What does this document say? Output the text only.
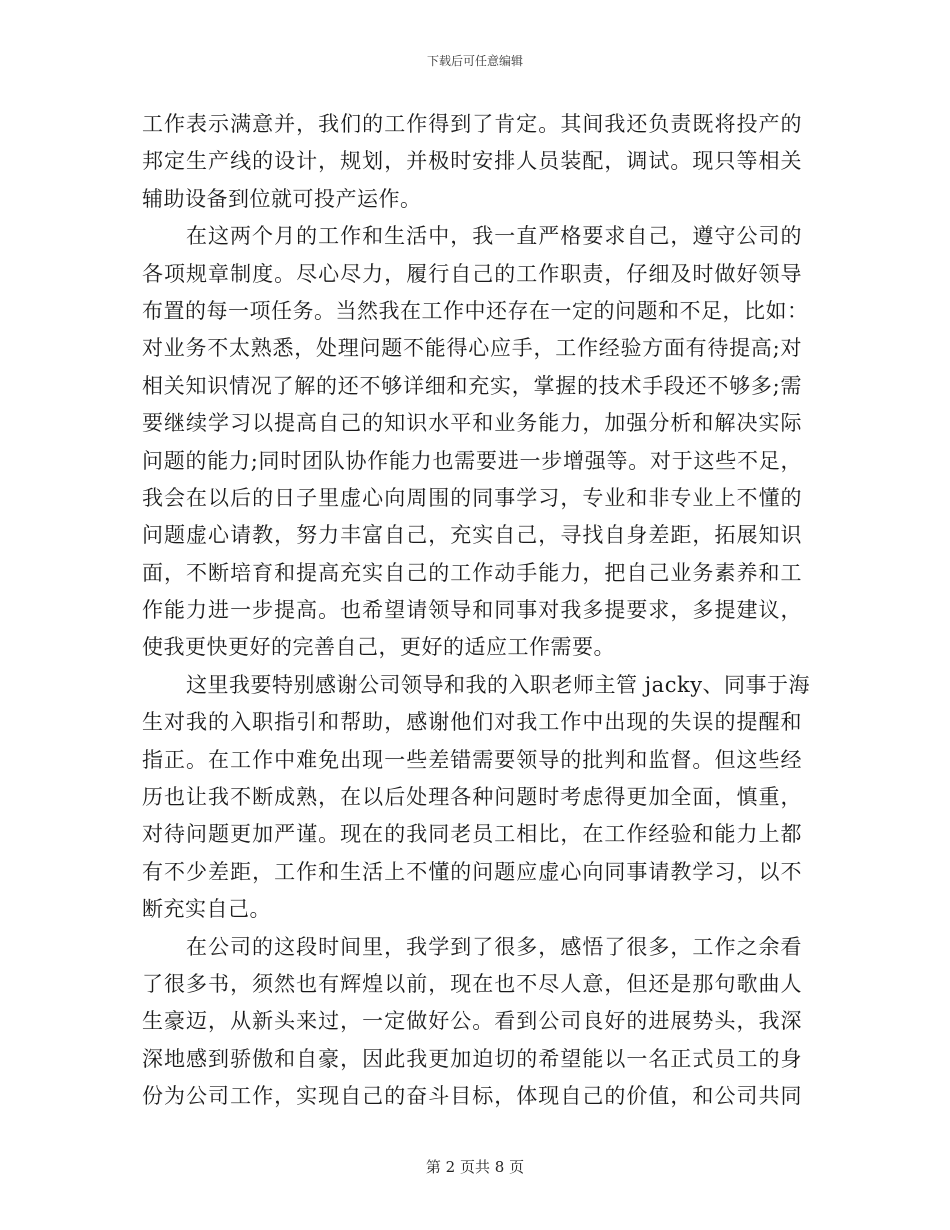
下载后可任意编辑
工作表示满意并，我们的工作得到了肯定。其间我还负责既将投产的
邦定生产线的设计，规划，并极时安排人员装配，调试。现只等相关
辅助设备到位就可投产运作。
在这两个月的工作和生活中，我一直严格要求自己，遵守公司的
各项规章制度。尽心尽力，履行自己的工作职责，仔细及时做好领导
布置的每一项任务。当然我在工作中还存在一定的问题和不足，比如：
对业务不太熟悉，处理问题不能得心应手，工作经验方面有待提高;对
相关知识情况了解的还不够详细和充实，掌握的技术手段还不够多;需
要继续学习以提高自己的知识水平和业务能力，加强分析和解决实际
问题的能力;同时团队协作能力也需要进一步增强等。对于这些不足，
我会在以后的日子里虚心向周围的同事学习，专业和非专业上不懂的
问题虚心请教，努力丰富自己，充实自己，寻找自身差距，拓展知识
面，不断培育和提高充实自己的工作动手能力，把自己业务素养和工
作能力进一步提高。也希望请领导和同事对我多提要求，多提建议，
使我更快更好的完善自己，更好的适应工作需要。
这里我要特别感谢公司领导和我的入职老师主管 jacky、同事于海
生对我的入职指引和帮助，感谢他们对我工作中出现的失误的提醒和
指正。在工作中难免出现一些差错需要领导的批判和监督。但这些经
历也让我不断成熟，在以后处理各种问题时考虑得更加全面，慎重，
对待问题更加严谨。现在的我同老员工相比，在工作经验和能力上都
有不少差距，工作和生活上不懂的问题应虚心向同事请教学习，以不
断充实自己。
在公司的这段时间里，我学到了很多，感悟了很多，工作之余看
了很多书，须然也有辉煌以前，现在也不尽人意，但还是那句歌曲人
生豪迈，从新头来过，一定做好公。看到公司良好的进展势头，我深
深地感到骄傲和自豪，因此我更加迫切的希望能以一名正式员工的身
份为公司工作，实现自己的奋斗目标，体现自己的价值，和公司共同
第 2 页共 8 页
